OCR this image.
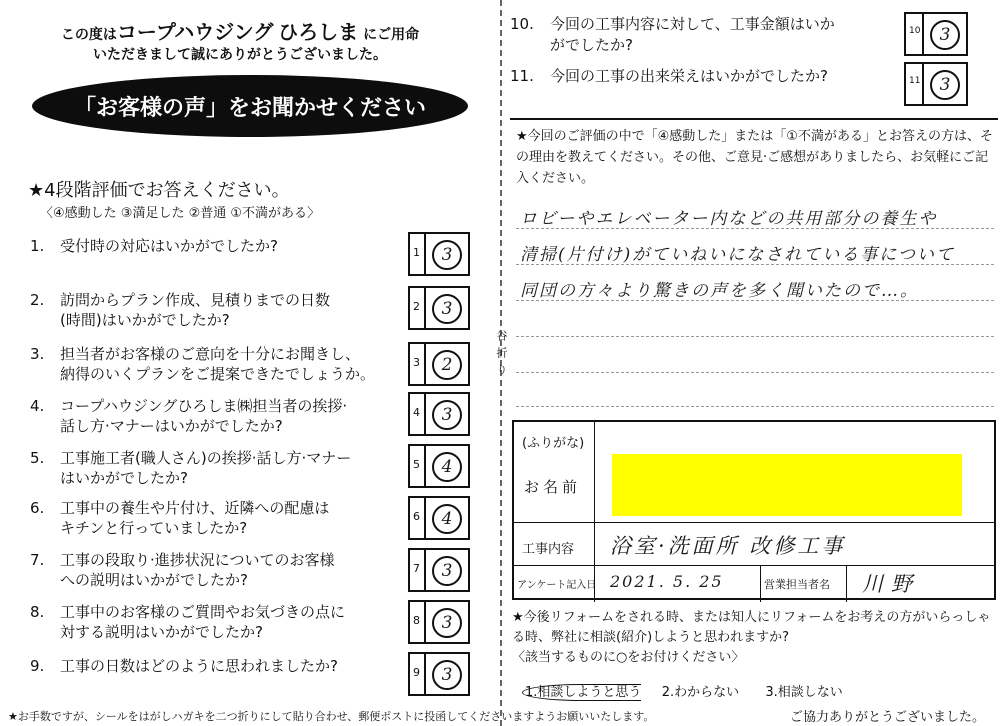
この度はコープハウジング ひろしま にご用命
いただきまして誠にありがとうございました。
「お客様の声」をお聞かせください
★4段階評価でお答えください。
〈④感動した ③満足した ②普通 ①不満がある〉
1. 受付時の対応はいかがでしたか?	1	3
2. 訪問からプラン作成、見積りまでの日数
(時間)はいかがでしたか?
2	3
3. 担当者がお客様のご意向を十分にお聞きし、
納得のいくプランをご提案できたでしょうか。
3	2
4. コープハウジングひろしま㈱担当者の挨拶·
話し方·マナーはいかがでしたか?
4	3
5. 工事施工者(職人さん)の挨拶·話し方·マナー
はいかがでしたか?
5	4
6. 工事中の養生や片付け、近隣への配慮は
キチンと行っていましたか?
6	4
7. 工事の段取り·進捗状況についてのお客様
への説明はいかがでしたか?
7	3
8. 工事中のお客様のご質問やお気づきの点に
対する説明はいかがでしたか?
8	3
9. 工事の日数はどのように思われましたか?	9	3
谷折り
10. 今回の工事内容に対して、工事金額はいか
がでしたか?
10	3
11. 今回の工事の出来栄えはいかがでしたか?	11	3
★今回のご評価の中で「④感動した」または「①不満がある」とお答えの方は、その理由を教えてください。その他、ご意見·ご感想がありましたら、お気軽にご記入ください。
ロビーやエレベーター内などの共用部分の養生や
清掃(片付け)がていねいになされている事について
同団の方々より驚きの声を多く聞いたので…。
(ふりがな)
お名前
工事内容 浴室·洗面所 改修工事
アンケート記入日 2021. 5. 25	営業担当者名 川野
★今後リフォームをされる時、または知人にリフォームをお考えの方がいらっしゃる時、弊社に相談(紹介)しようと思われますか?
〈該当するものに○をお付けください〉
1.相談しようと思う 2.わからない 3.相談しない
★お手数ですが、シールをはがしハガキを二つ折りにして貼り合わせ、郵便ポストに投函してくださいますようお願いいたします。	ご協力ありがとうございました。
